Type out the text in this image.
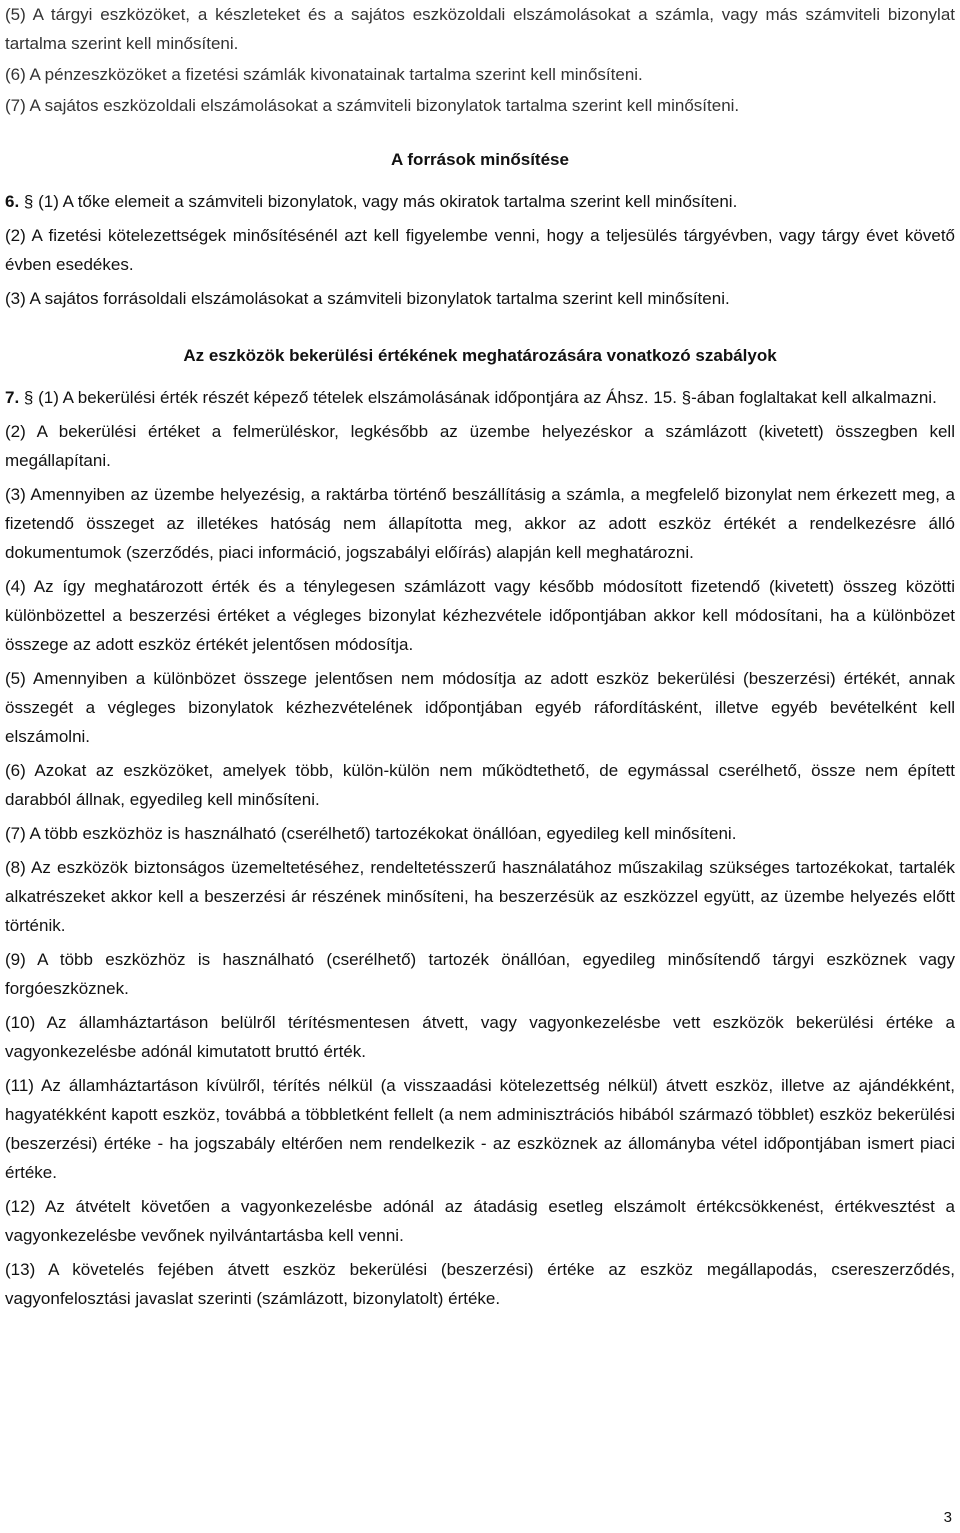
(5) A tárgyi eszközöket, a készleteket és a sajátos eszközoldali elszámolásokat a számla, vagy más számviteli bizonylat tartalma szerint kell minősíteni.

(6) A pénzeszközöket a fizetési számlák kivonatainak tartalma szerint kell minősíteni.

(7) A sajátos eszközoldali elszámolásokat a számviteli bizonylatok tartalma szerint kell minősíteni.

A források minősítése

6. § (1) A tőke elemeit a számviteli bizonylatok, vagy más okiratok tartalma szerint kell minősíteni.

(2) A fizetési kötelezettségek minősítésénél azt kell figyelembe venni, hogy a teljesülés tárgyévben, vagy tárgy évet követő évben esedékes.

(3) A sajátos forrásoldali elszámolásokat a számviteli bizonylatok tartalma szerint kell minősíteni.

Az eszközök bekerülési értékének meghatározására vonatkozó szabályok

7. § (1) A bekerülési érték részét képező tételek elszámolásának időpontjára az Áhsz. 15. §-ában foglaltakat kell alkalmazni.

(2) A bekerülési értéket a felmerüléskor, legkésőbb az üzembe helyezéskor a számlázott (kivetett) összegben kell megállapítani.

(3) Amennyiben az üzembe helyezésig, a raktárba történő beszállításig a számla, a megfelelő bizonylat nem érkezett meg, a fizetendő összeget az illetékes hatóság nem állapította meg, akkor az adott eszköz értékét a rendelkezésre álló dokumentumok (szerződés, piaci információ, jogszabályi előírás) alapján kell meghatározni.

(4) Az így meghatározott érték és a ténylegesen számlázott vagy később módosított fizetendő (kivetett) összeg közötti különbözettel a beszerzési értéket a végleges bizonylat kézhezvétele időpontjában akkor kell módosítani, ha a különbözet összege az adott eszköz értékét jelentősen módosítja.

(5) Amennyiben a különbözet összege jelentősen nem módosítja az adott eszköz bekerülési (beszerzési) értékét, annak összegét a végleges bizonylatok kézhezvételének időpontjában egyéb ráfordításként, illetve egyéb bevételként kell elszámolni.

(6) Azokat az eszközöket, amelyek több, külön-külön nem működtethető, de egymással cserélhető, össze nem épített darabból állnak, egyedileg kell minősíteni.

(7) A több eszközhöz is használható (cserélhető) tartozékokat önállóan, egyedileg kell minősíteni.

(8) Az eszközök biztonságos üzemeltetéséhez, rendeltetésszerű használatához műszakilag szükséges tartozékokat, tartalék alkatrészeket akkor kell a beszerzési ár részének minősíteni, ha beszerzésük az eszközzel együtt, az üzembe helyezés előtt történik.

(9) A több eszközhöz is használható (cserélhető) tartozék önállóan, egyedileg minősítendő tárgyi eszköznek vagy forgóeszköznek.

(10) Az államháztartáson belülről térítésmentesen átvett, vagy vagyonkezelésbe vett eszközök bekerülési értéke a vagyonkezelésbe adónál kimutatott bruttó érték.

(11) Az államháztartáson kívülről, térítés nélkül (a visszaadási kötelezettség nélkül) átvett eszköz, illetve az ajándékként, hagyatékként kapott eszköz, továbbá a többletként fellelt (a nem adminisztrációs hibából származó többlet) eszköz bekerülési (beszerzési) értéke - ha jogszabály eltérően nem rendelkezik - az eszköznek az állományba vétel időpontjában ismert piaci értéke.

(12) Az átvételt követően a vagyonkezelésbe adónál az átadásig esetleg elszámolt értékcsökkenést, értékvesztést a vagyonkezelésbe vevőnek nyilvántartásba kell venni.

(13) A követelés fejében átvett eszköz bekerülési (beszerzési) értéke az eszköz megállapodás, csereszerződés, vagyonfelosztási javaslat szerinti (számlázott, bizonylatolt) értéke.

3
